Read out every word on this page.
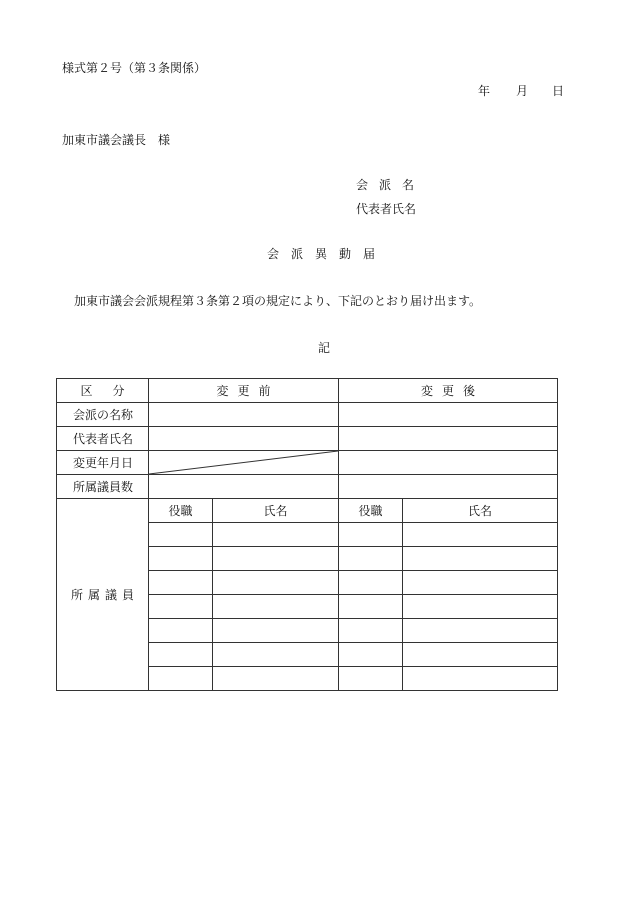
様式第２号（第３条関係）
年 月 日
加東市議会議長　様
会派名
代表者氏名
会派異動届
加東市議会会派規程第３条第２項の規定により、下記のとおり届け出ます。
記
区分	変更前		変更後	
会派の名称				
代表者氏名				
変更年月日	

所属議員数				
所属議員	役職	氏名	役職	氏名
